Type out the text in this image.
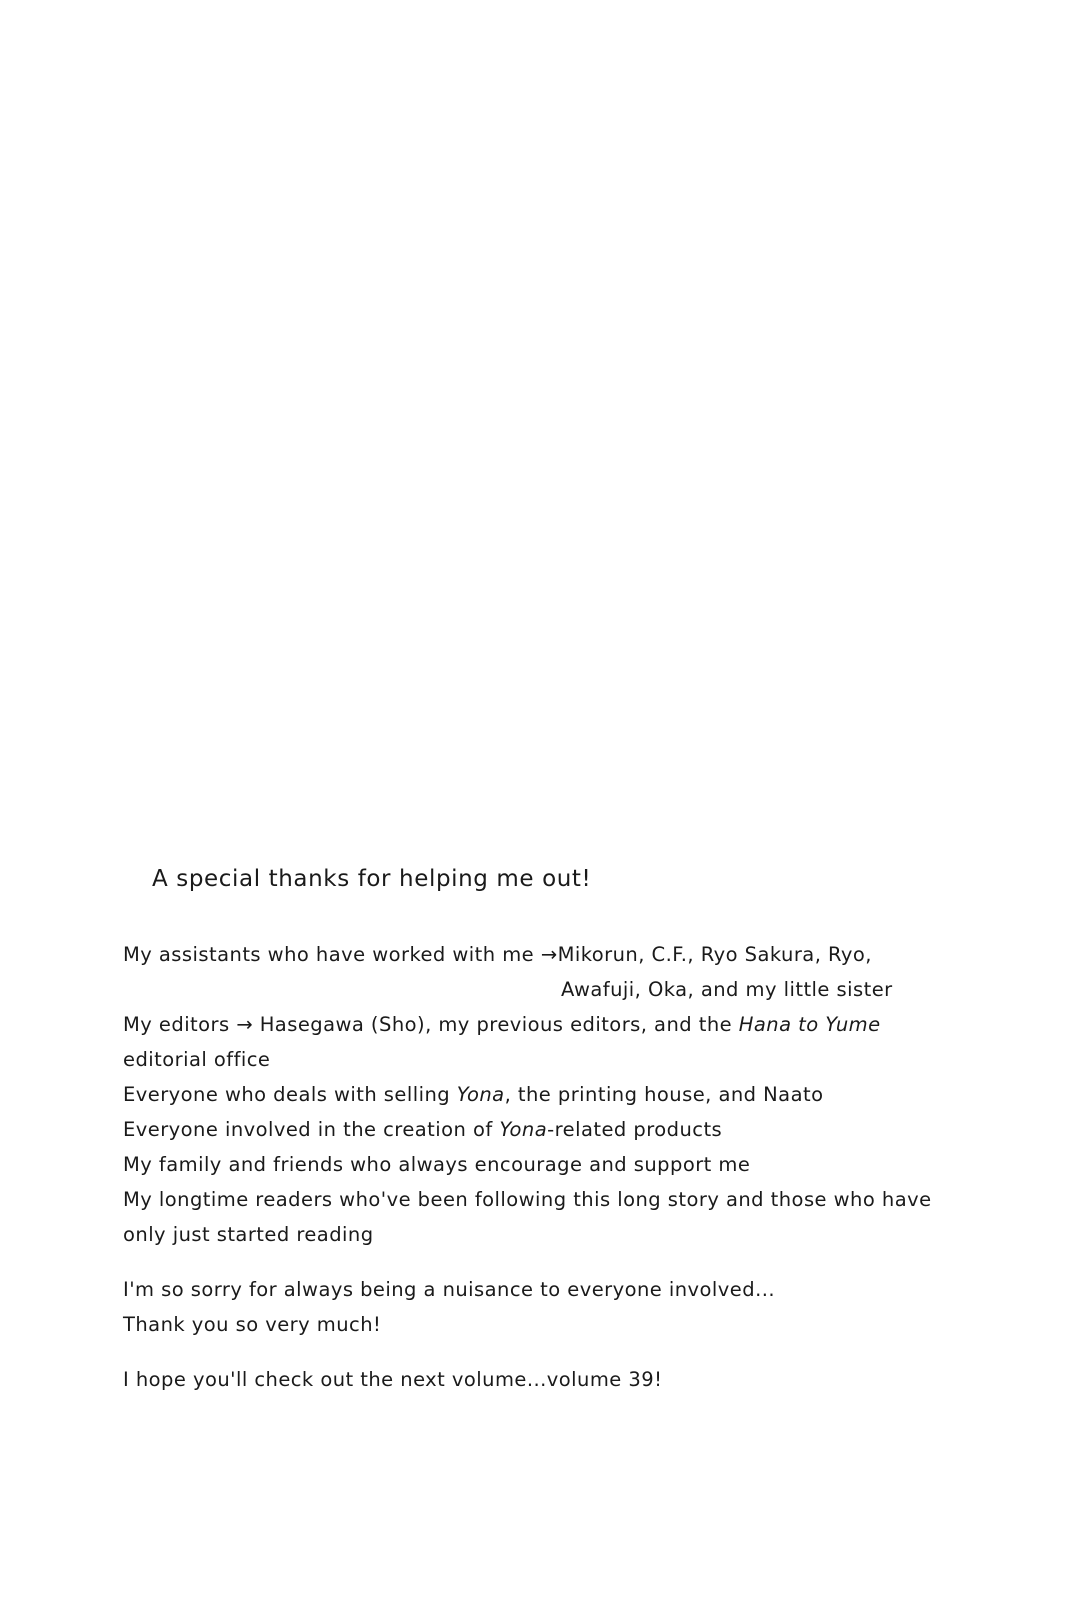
A special thanks for helping me out!
My assistants who have worked with me →Mikorun, C.F., Ryo Sakura, Ryo,
Awafuji, Oka, and my little sister
My editors → Hasegawa (Sho), my previous editors, and the Hana to Yume
editorial office
Everyone who deals with selling Yona, the printing house, and Naato
Everyone involved in the creation of Yona-related products
My family and friends who always encourage and support me
My longtime readers who've been following this long story and those who have
only just started reading
I'm so sorry for always being a nuisance to everyone involved...
Thank you so very much!
I hope you'll check out the next volume...volume 39!
